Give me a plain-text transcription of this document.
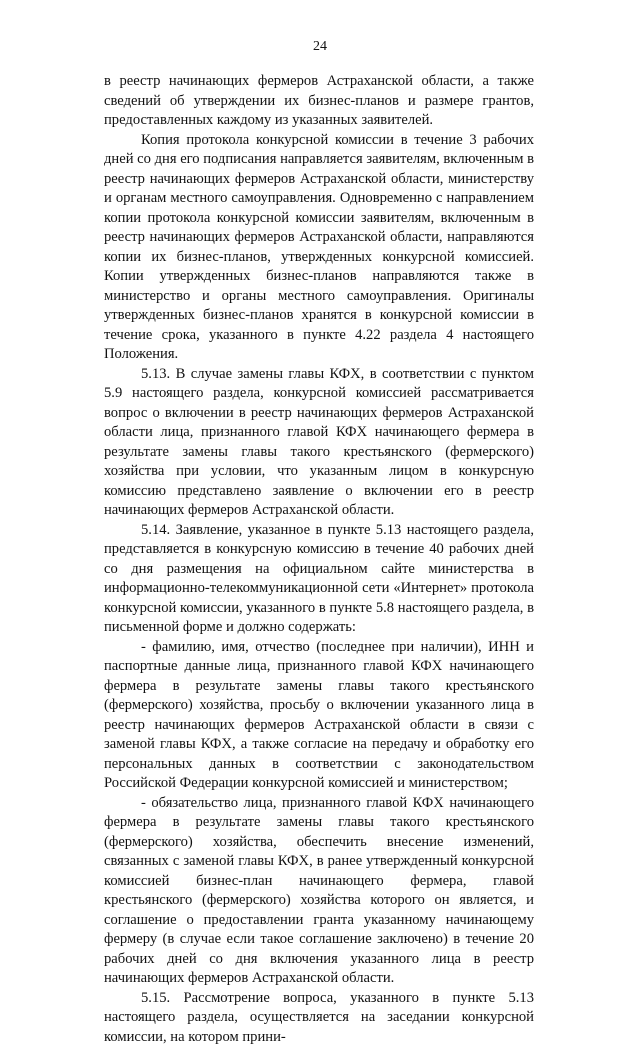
24

в реестр начинающих фермеров Астраханской области, а также сведений об утверждении их бизнес-планов и размере грантов, предоставленных каждому из указанных заявителей.

Копия протокола конкурсной комиссии в течение 3 рабочих дней со дня его подписания направляется заявителям, включенным в реестр начинающих фермеров Астраханской области, министерству и органам местного самоуправления. Одновременно с направлением копии протокола конкурсной комиссии заявителям, включенным в реестр начинающих фермеров Астраханской области, направляются копии их бизнес-планов, утвержденных конкурсной комиссией. Копии утвержденных бизнес-планов направляются также в министерство и органы местного самоуправления. Оригиналы утвержденных бизнес-планов хранятся в конкурсной комиссии в течение срока, указанного в пункте 4.22 раздела 4 настоящего Положения.

5.13. В случае замены главы КФХ, в соответствии с пунктом 5.9 настоящего раздела, конкурсной комиссией рассматривается вопрос о включении в реестр начинающих фермеров Астраханской области лица, признанного главой КФХ начинающего фермера в результате замены главы такого крестьянского (фермерского) хозяйства при условии, что указанным лицом в конкурсную комиссию представлено заявление о включении его в реестр начинающих фермеров Астраханской области.

5.14. Заявление, указанное в пункте 5.13 настоящего раздела, представляется в конкурсную комиссию в течение 40 рабочих дней со дня размещения на официальном сайте министерства в информационно-телекоммуникационной сети «Интернет» протокола конкурсной комиссии, указанного в пункте 5.8 настоящего раздела, в письменной форме и должно содержать:

- фамилию, имя, отчество (последнее при наличии), ИНН и паспортные данные лица, признанного главой КФХ начинающего фермера в результате замены главы такого крестьянского (фермерского) хозяйства, просьбу о включении указанного лица в реестр начинающих фермеров Астраханской области в связи с заменой главы КФХ, а также согласие на передачу и обработку его персональных данных в соответствии с законодательством Российской Федерации конкурсной комиссией и министерством;

- обязательство лица, признанного главой КФХ начинающего фермера в результате замены главы такого крестьянского (фермерского) хозяйства, обеспечить внесение изменений, связанных с заменой главы КФХ, в ранее утвержденный конкурсной комиссией бизнес-план начинающего фермера, главой крестьянского (фермерского) хозяйства которого он является, и соглашение о предоставлении гранта указанному начинающему фермеру (в случае если такое соглашение заключено) в течение 20 рабочих дней со дня включения указанного лица в реестр начинающих фермеров Астраханской области.

5.15. Рассмотрение вопроса, указанного в пункте 5.13 настоящего раздела, осуществляется на заседании конкурсной комиссии, на котором прини-
